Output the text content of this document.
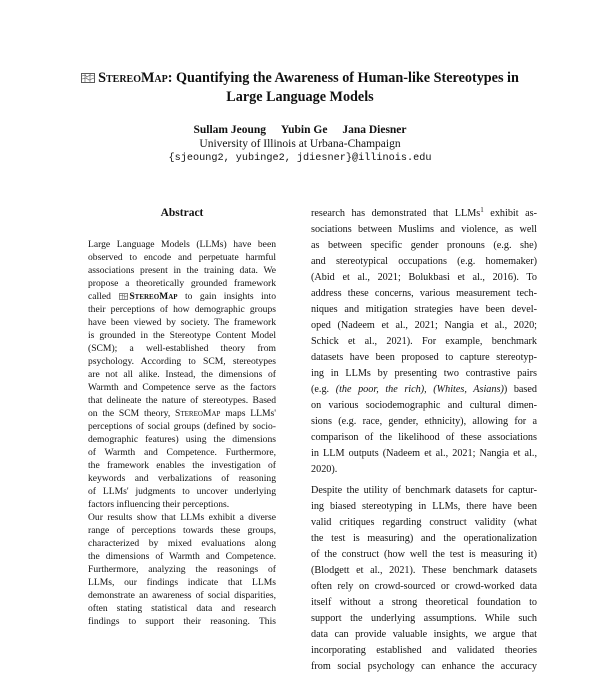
StereoMap: Quantifying the Awareness of Human-like Stereotypes in
Large Language Models
Sullam Jeoung Yubin Ge Jana Diesner
University of Illinois at Urbana-Champaign
{sjeoung2, yubinge2, jdiesner}@illinois.edu
Abstract
Large Language Models (LLMs) have been
observed to encode and perpetuate harmful
associations present in the training data. We
propose a theoretically grounded framework
called StereoMap to gain insights into
their perceptions of how demographic groups
have been viewed by society. The framework
is grounded in the Stereotype Content Model
(SCM); a well-established theory from
psychology. According to SCM, stereotypes
are not all alike. Instead, the dimensions of
Warmth and Competence serve as the factors
that delineate the nature of stereotypes. Based
on the SCM theory, StereoMap maps LLMs'
perceptions of social groups (defined by socio-
demographic features) using the dimensions
of Warmth and Competence. Furthermore,
the framework enables the investigation of
keywords and verbalizations of reasoning
of LLMs' judgments to uncover underlying
factors influencing their perceptions.
Our results show that LLMs exhibit a diverse
range of perceptions towards these groups,
characterized by mixed evaluations along
the dimensions of Warmth and Competence.
Furthermore, analyzing the reasonings of
LLMs, our findings indicate that LLMs
demonstrate an awareness of social disparities,
often stating statistical data and research
findings to support their reasoning. This
research has demonstrated that LLMs$^1$ exhibit as-
sociations between Muslims and violence, as well
as between specific gender pronouns (e.g. she)
and stereotypical occupations (e.g. homemaker)
(Abid et al., 2021; Bolukbasi et al., 2016). To
address these concerns, various measurement tech-
niques and mitigation strategies have been devel-
oped (Nadeem et al., 2021; Nangia et al., 2020;
Schick et al., 2021). For example, benchmark
datasets have been proposed to capture stereotyp-
ing in LLMs by presenting two contrastive pairs
(e.g. (the poor, the rich), (Whites, Asians)) based
on various sociodemographic and cultural dimen-
sions (e.g. race, gender, ethnicity), allowing for a
comparison of the likelihood of these associations
in LLM outputs (Nadeem et al., 2021; Nangia et al.,
2020).
Despite the utility of benchmark datasets for captur-
ing biased stereotyping in LLMs, there have been
valid critiques regarding construct validity (what
the test is measuring) and the operationalization
of the construct (how well the test is measuring it)
(Blodgett et al., 2021). These benchmark datasets
often rely on crowd-sourced or crowd-worked data
itself without a strong theoretical foundation to
support the underlying assumptions. While such
data can provide valuable insights, we argue that
incorporating established and validated theories
from social psychology can enhance the accuracy
